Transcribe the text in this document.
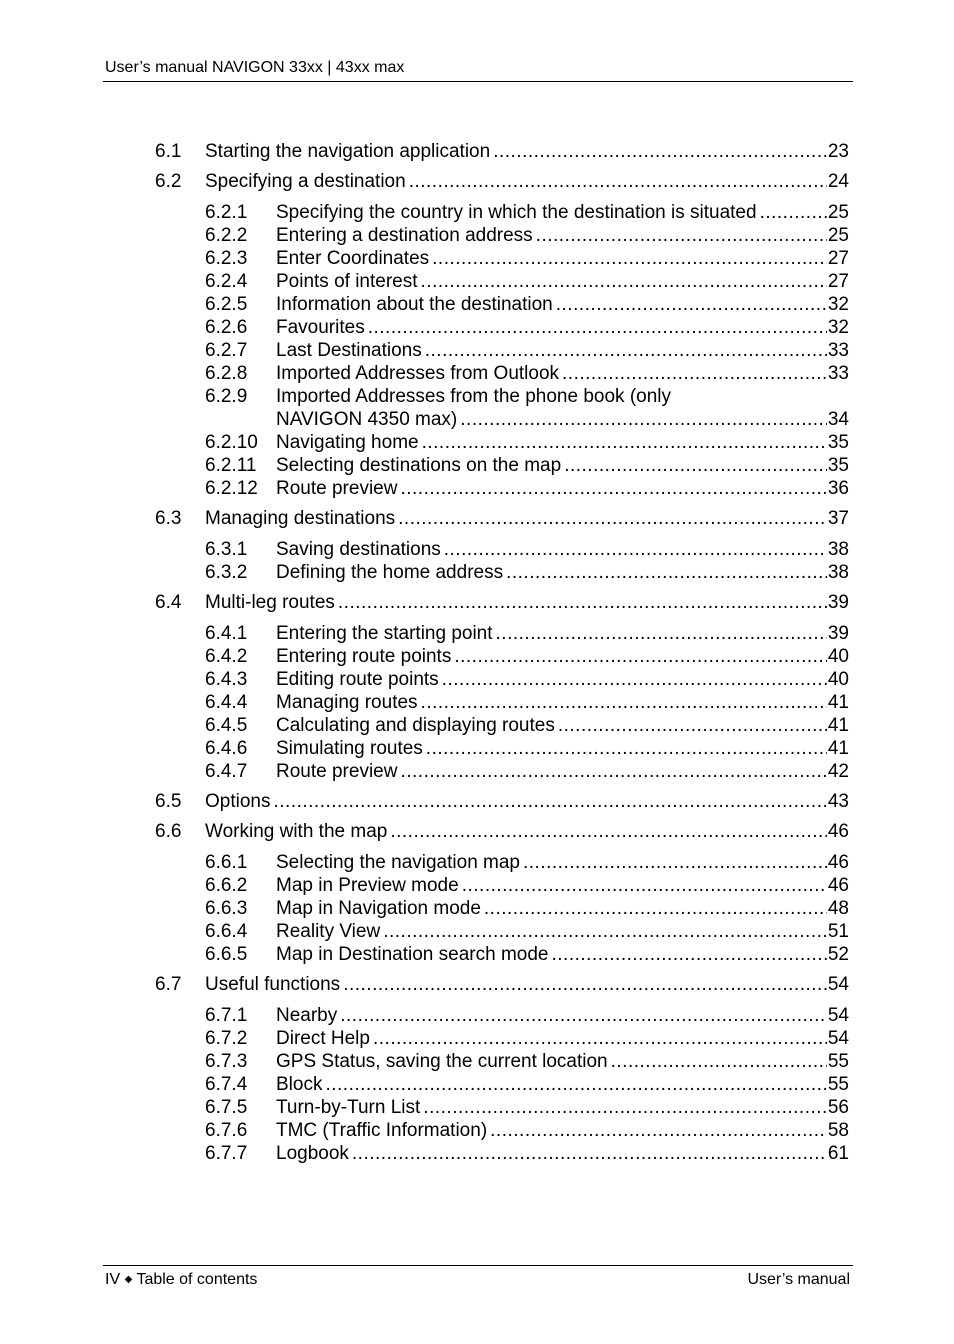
User’s manual NAVIGON 33xx | 43xx max
6.1	Starting the navigation application .....	23
6.2	Specifying a destination .....	24
6.2.1	Specifying the country in which the destination is situated .....	25
6.2.2	Entering a destination address .....	25
6.2.3	Enter Coordinates .....	27
6.2.4	Points of interest .....	27
6.2.5	Information about the destination .....	32
6.2.6	Favourites .....	32
6.2.7	Last Destinations .....	33
6.2.8	Imported Addresses from Outlook .....	33
6.2.9	Imported Addresses from the phone book (only
NAVIGON 4350 max) .....	34
6.2.10 Navigating home .....	35
6.2.11	Selecting destinations on the map .....	35
6.2.12 Route preview .....	36
6.3	Managing destinations .....	37
6.3.1	Saving destinations .....	38
6.3.2	Defining the home address .....	38
6.4	Multi-leg routes .....	39
6.4.1	Entering the starting point .....	39
6.4.2	Entering route points .....	40
6.4.3	Editing route points .....	40
6.4.4	Managing routes .....	41
6.4.5	Calculating and displaying routes .....	41
6.4.6	Simulating routes .....	41
6.4.7	Route preview .....	42
6.5	Options .....	43
6.6	Working with the map .....	46
6.6.1	Selecting the navigation map .....	46
6.6.2	Map in Preview mode .....	46
6.6.3	Map in Navigation mode .....	48
6.6.4	Reality View .....	51
6.6.5	Map in Destination search mode .....	52
6.7	Useful functions .....	54
6.7.1	Nearby .....	54
6.7.2	Direct Help .....	54
6.7.3	GPS Status, saving the current location .....	55
6.7.4	Block .....	55
6.7.5	Turn-by-Turn List .....	56
6.7.6	TMC (Traffic Information) .....	58
6.7.7	Logbook .....	61
IV ◆ Table of contents	User’s manual
